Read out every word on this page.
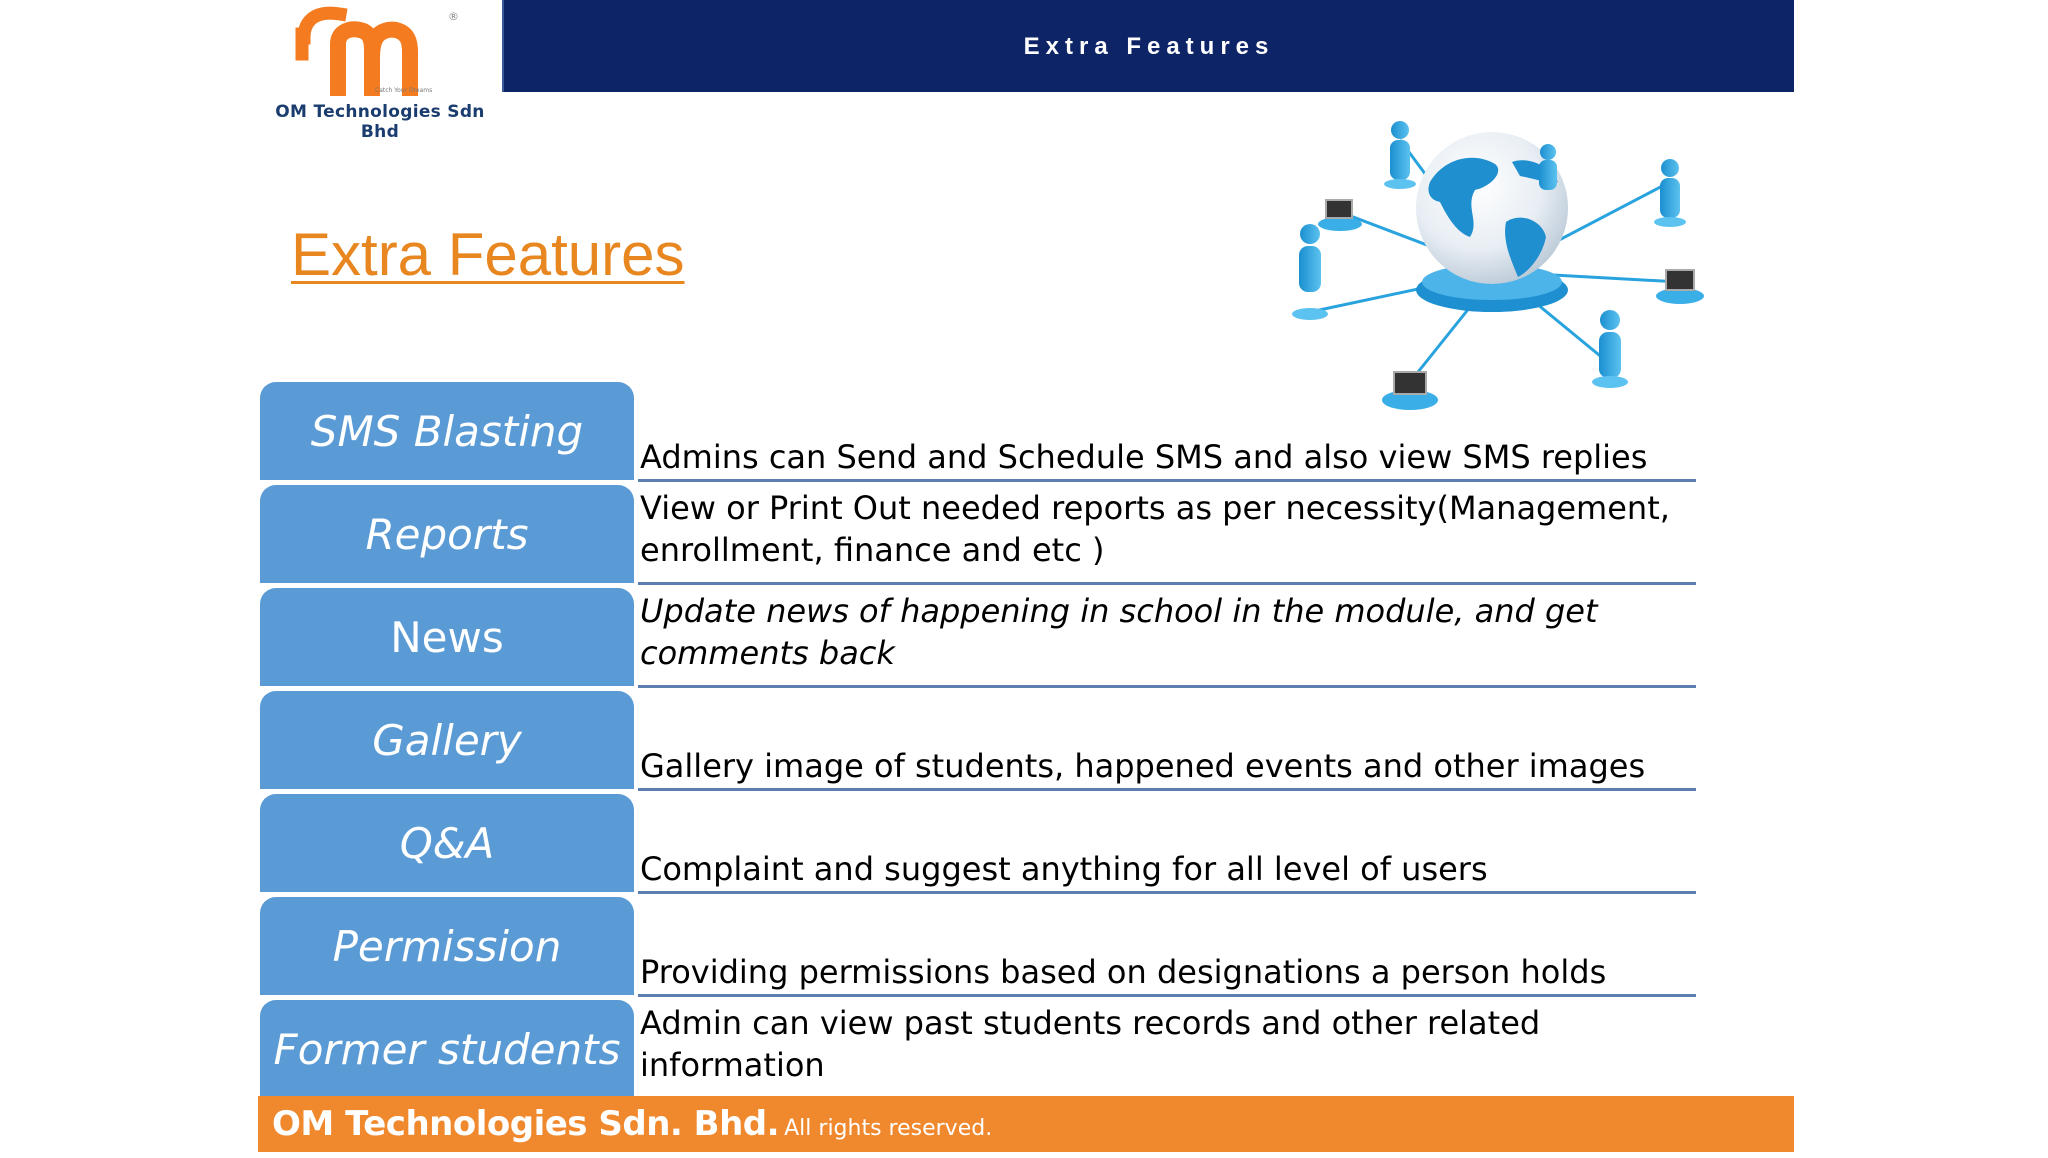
®
Catch Your Dreams
OM Technologies Sdn Bhd
Extra Features
Extra Features
SMS Blasting
Admins can Send and Schedule SMS and also view SMS replies
Reports
View or Print Out needed reports as per necessity(Management, enrollment, finance and etc )
News
Update news of happening in school in the module, and get comments back
Gallery
Gallery image of students, happened events and other images
Q&A
Complaint and suggest anything for all level of users
Permission
Providing permissions based on designations a person holds
Former students
Admin can view past students records and other related information
OM Technologies Sdn. Bhd. All rights reserved.
